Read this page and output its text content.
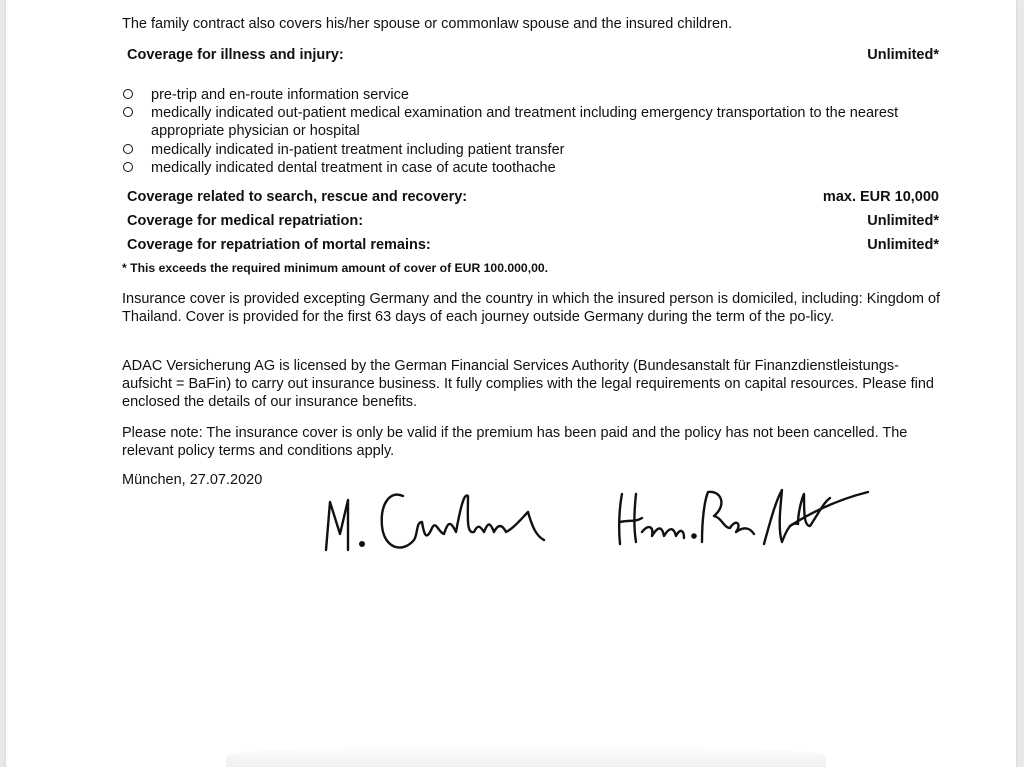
The family contract also covers his/her spouse or commonlaw spouse and the insured children.
Coverage for illness and injury:	Unlimited*
pre-trip and en-route information service
medically indicated out-patient medical examination and treatment including emergency transportation to the nearest appropriate physician or hospital
medically indicated in-patient treatment including patient transfer
medically indicated dental treatment in case of acute toothache
Coverage related to search, rescue and recovery:	max. EUR 10,000
Coverage for medical repatriation:	Unlimited*
Coverage for repatriation of mortal remains:	Unlimited*
* This exceeds the required minimum amount of cover of EUR 100.000,00.

Insurance cover is provided excepting Germany and the country in which the insured person is domiciled, including: Kingdom of Thailand. Cover is provided for the first 63 days of each journey outside Germany during the term of the po-licy.

ADAC Versicherung AG is licensed by the German Financial Services Authority (Bundesanstalt für Finanzdienstleistungs-aufsicht = BaFin) to carry out insurance business. It fully complies with the legal requirements on capital resources. Please find enclosed the details of our insurance benefits.

Please note: The insurance cover is only be valid if the premium has been paid and the policy has not been cancelled. The relevant policy terms and conditions apply.

München, 27.07.2020
